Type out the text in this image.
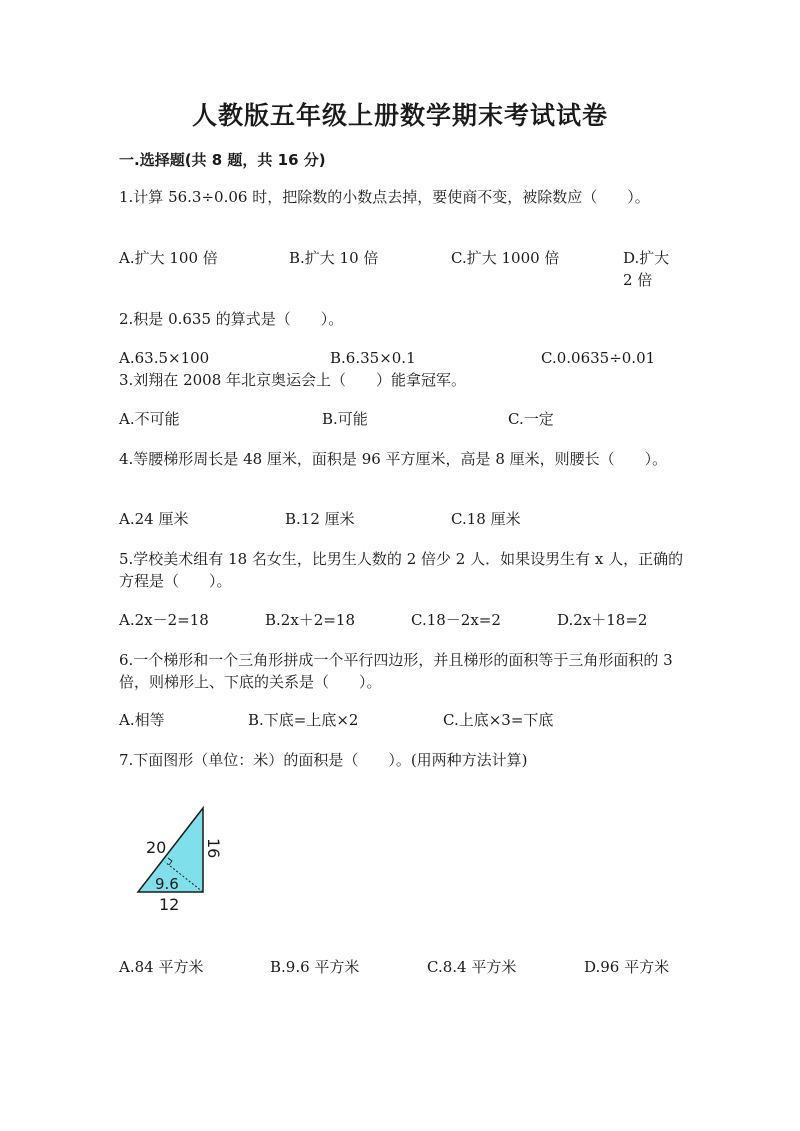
人教版五年级上册数学期末考试试卷
一.选择题(共 8 题，共 16 分)
1.计算 56.3÷0.06 时，把除数的小数点去掉，要使商不变，被除数应（　　）。
A.扩大 100 倍	B.扩大 10 倍	C.扩大 1000 倍	D.扩大 2 倍
2.积是 0.635 的算式是（　　）。
A.63.5×100	B.6.35×0.1	C.0.0635÷0.01
3.刘翔在 2008 年北京奥运会上（　　）能拿冠军。
A.不可能	B.可能	C.一定
4.等腰梯形周长是 48 厘米，面积是 96 平方厘米，高是 8 厘米，则腰长（　　）。
A.24 厘米	B.12 厘米	C.18 厘米
5.学校美术组有 18 名女生，比男生人数的 2 倍少 2 人．如果设男生有 x 人，正确的方程是（　　）。
A.2x－2=18	B.2x＋2=18	C.18－2x=2	D.2x＋18=2
6.一个梯形和一个三角形拼成一个平行四边形，并且梯形的面积等于三角形面积的 3 倍，则梯形上、下底的关系是（　　）。
A.相等	B.下底=上底×2	C.上底×3=下底
7.下面图形（单位：米）的面积是（　　）。(用两种方法计算)
20 16
9.6
12
A.84 平方米	B.9.6 平方米	C.8.4 平方米	D.96 平方米
